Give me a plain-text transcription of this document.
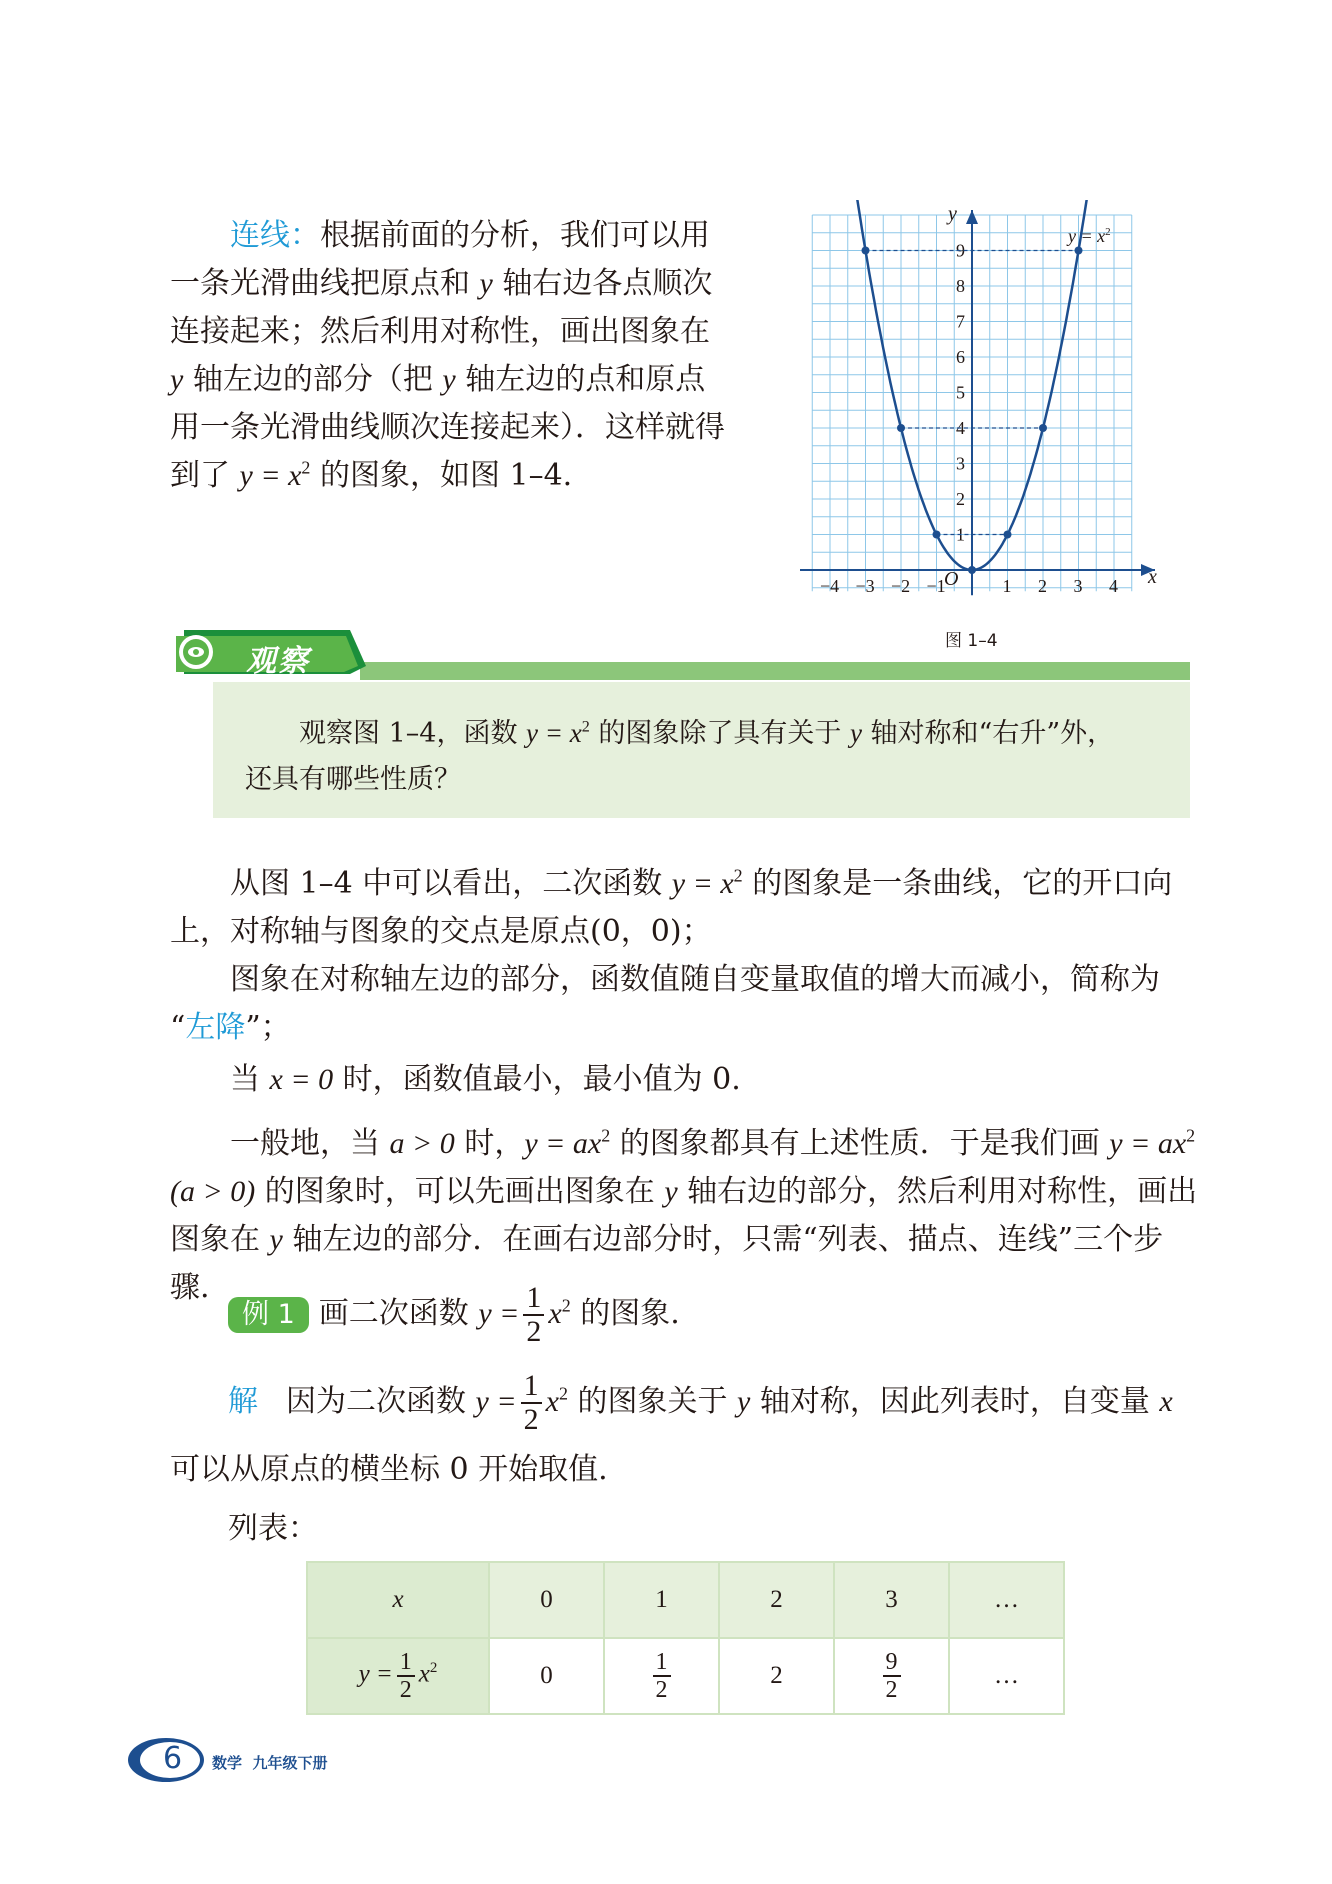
连线：根据前面的分析，我们可以用
一条光滑曲线把原点和 y 轴右边各点顺次
连接起来；然后利用对称性，画出图象在
y 轴左边的部分（把 y 轴左边的点和原点
用一条光滑曲线顺次连接起来）．这样就得
到了 $y = x^2$ 的图象，如图 1–4.
−4 −3 −2 −1	1 2 3 4
1
2
3
4
5
6
7
8
9
$y = x^2$
x
y
O
图 1–4
观察
观察图 1–4，函数 $y = x^2$ 的图象除了具有关于 y 轴对称和“右升”外，
还具有哪些性质？
从图 1–4 中可以看出，二次函数 $y = x^2$ 的图象是一条曲线，它的开口向
上，对称轴与图象的交点是原点(0，0)；
图象在对称轴左边的部分，函数值随自变量取值的增大而减小，简称为
“左降”；
当 x = 0 时，函数值最小，最小值为 0.
一般地，当 a > 0 时，$y = ax^2$ 的图象都具有上述性质．于是我们画 $y = ax^2$
(a > 0) 的图象时，可以先画出图象在 y 轴右边的部分，然后利用对称性，画出
图象在 y 轴左边的部分．在画右边部分时，只需“列表、描点、连线”三个步骤.
例 1 画二次函数 $y = \frac{1}{2} x^2$ 的图象.
解 因为二次函数 $y = \frac{1}{2} x^2$ 的图象关于 y 轴对称，因此列表时，自变量 x
可以从原点的横坐标 0 开始取值.
列表：
x	0	1	2	3	…
$y = \frac{1}{2} x^2$	0	$\frac{1}{2}$	2	$\frac{9}{2}$	…
6 数学  九年级下册
